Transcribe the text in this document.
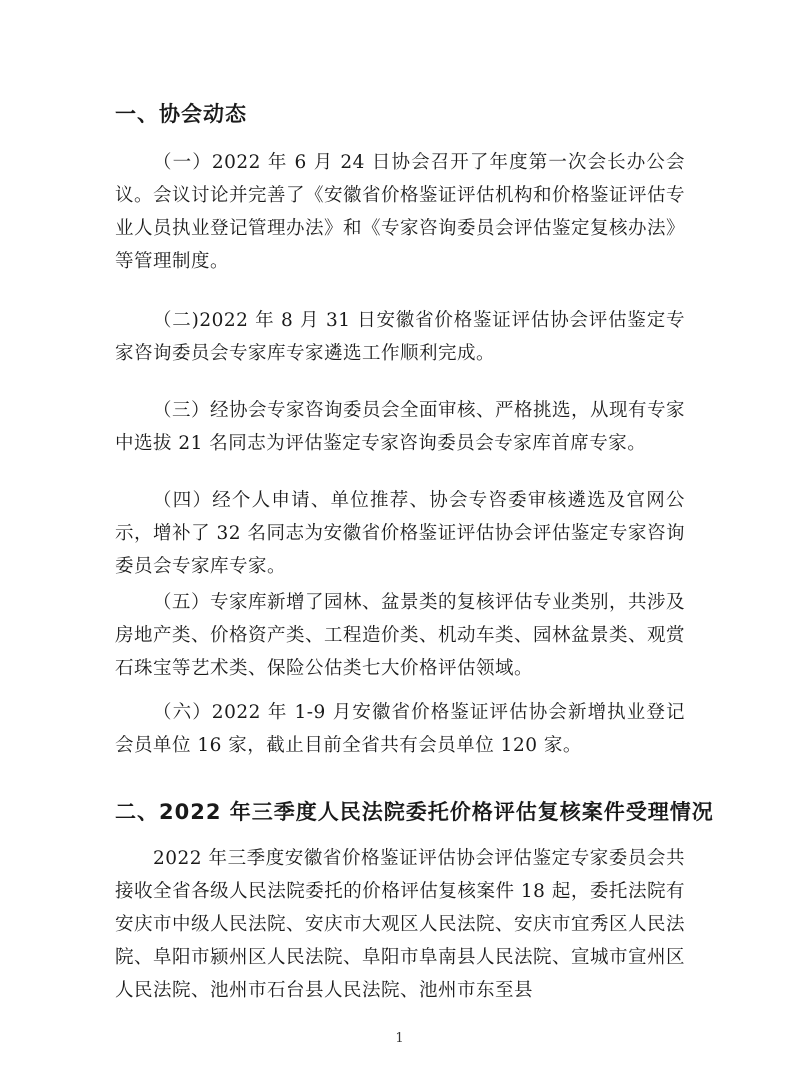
一、协会动态

（一）2022 年 6 月 24 日协会召开了年度第一次会长办公会议。会议讨论并完善了《安徽省价格鉴证评估机构和价格鉴证评估专业人员执业登记管理办法》和《专家咨询委员会评估鉴定复核办法》等管理制度。

（二)2022 年 8 月 31 日安徽省价格鉴证评估协会评估鉴定专家咨询委员会专家库专家遴选工作顺利完成。

（三）经协会专家咨询委员会全面审核、严格挑选，从现有专家中选拔 21 名同志为评估鉴定专家咨询委员会专家库首席专家。

（四）经个人申请、单位推荐、协会专咨委审核遴选及官网公示，增补了 32 名同志为安徽省价格鉴证评估协会评估鉴定专家咨询委员会专家库专家。

（五）专家库新增了园林、盆景类的复核评估专业类别，共涉及房地产类、价格资产类、工程造价类、机动车类、园林盆景类、观赏石珠宝等艺术类、保险公估类七大价格评估领域。

（六）2022 年 1-9 月安徽省价格鉴证评估协会新增执业登记会员单位 16 家，截止目前全省共有会员单位 120 家。

二、2022 年三季度人民法院委托价格评估复核案件受理情况

2022 年三季度安徽省价格鉴证评估协会评估鉴定专家委员会共接收全省各级人民法院委托的价格评估复核案件 18 起，委托法院有安庆市中级人民法院、安庆市大观区人民法院、安庆市宜秀区人民法院、阜阳市颍州区人民法院、阜阳市阜南县人民法院、宣城市宣州区人民法院、池州市石台县人民法院、池州市东至县

1
